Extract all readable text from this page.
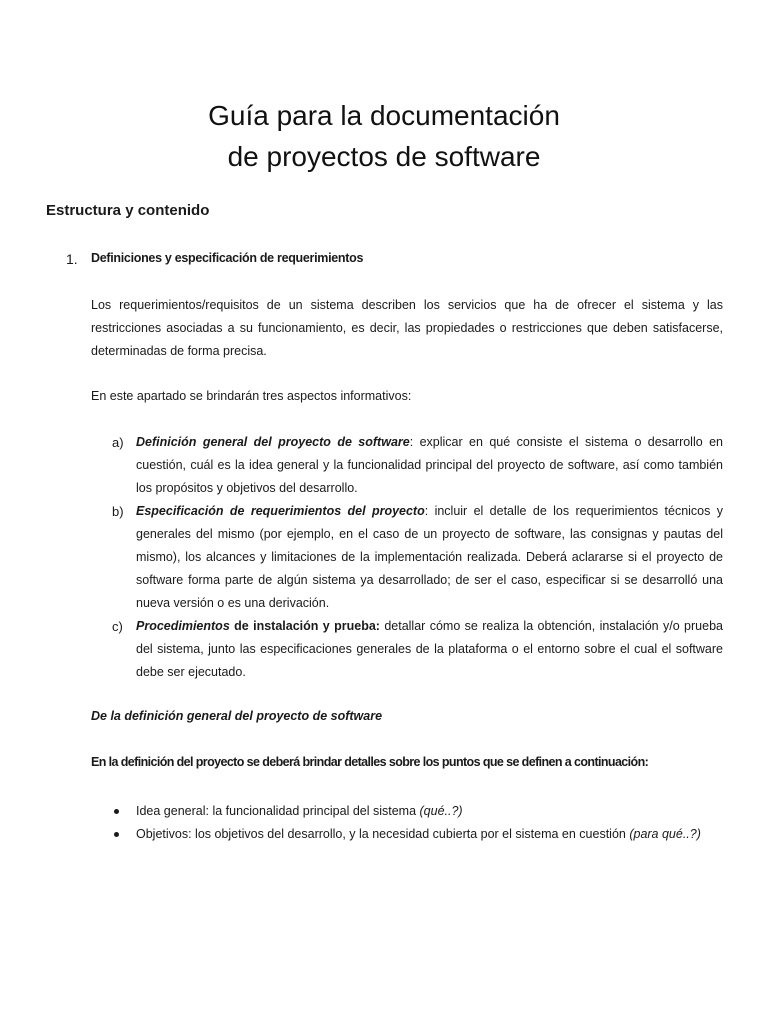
Guía para la documentación
de proyectos de software
Estructura y contenido
1. Definiciones y especificación de requerimientos
Los requerimientos/requisitos de un sistema describen los servicios que ha de ofrecer el sistema y las restricciones asociadas a su funcionamiento, es decir, las propiedades o restricciones que deben satisfacerse, determinadas de forma precisa.
En este apartado se brindarán tres aspectos informativos:
a) Definición general del proyecto de software: explicar en qué consiste el sistema o desarrollo en cuestión, cuál es la idea general y la funcionalidad principal del proyecto de software, así como también los propósitos y objetivos del desarrollo.
b) Especificación de requerimientos del proyecto: incluir el detalle de los requerimientos técnicos y generales del mismo (por ejemplo, en el caso de un proyecto de software, las consignas y pautas del mismo), los alcances y limitaciones de la implementación realizada. Deberá aclararse si el proyecto de software forma parte de algún sistema ya desarrollado; de ser el caso, especificar si se desarrolló una nueva versión o es una derivación.
c) Procedimientos de instalación y prueba: detallar cómo se realiza la obtención, instalación y/o prueba del sistema, junto las especificaciones generales de la plataforma o el entorno sobre el cual el software debe ser ejecutado.
De la definición general del proyecto de software
En la definición del proyecto se deberá brindar detalles sobre los puntos que se definen a continuación:
Idea general: la funcionalidad principal del sistema (qué..?)
Objetivos: los objetivos del desarrollo, y la necesidad cubierta por el sistema en cuestión (para qué..?)
